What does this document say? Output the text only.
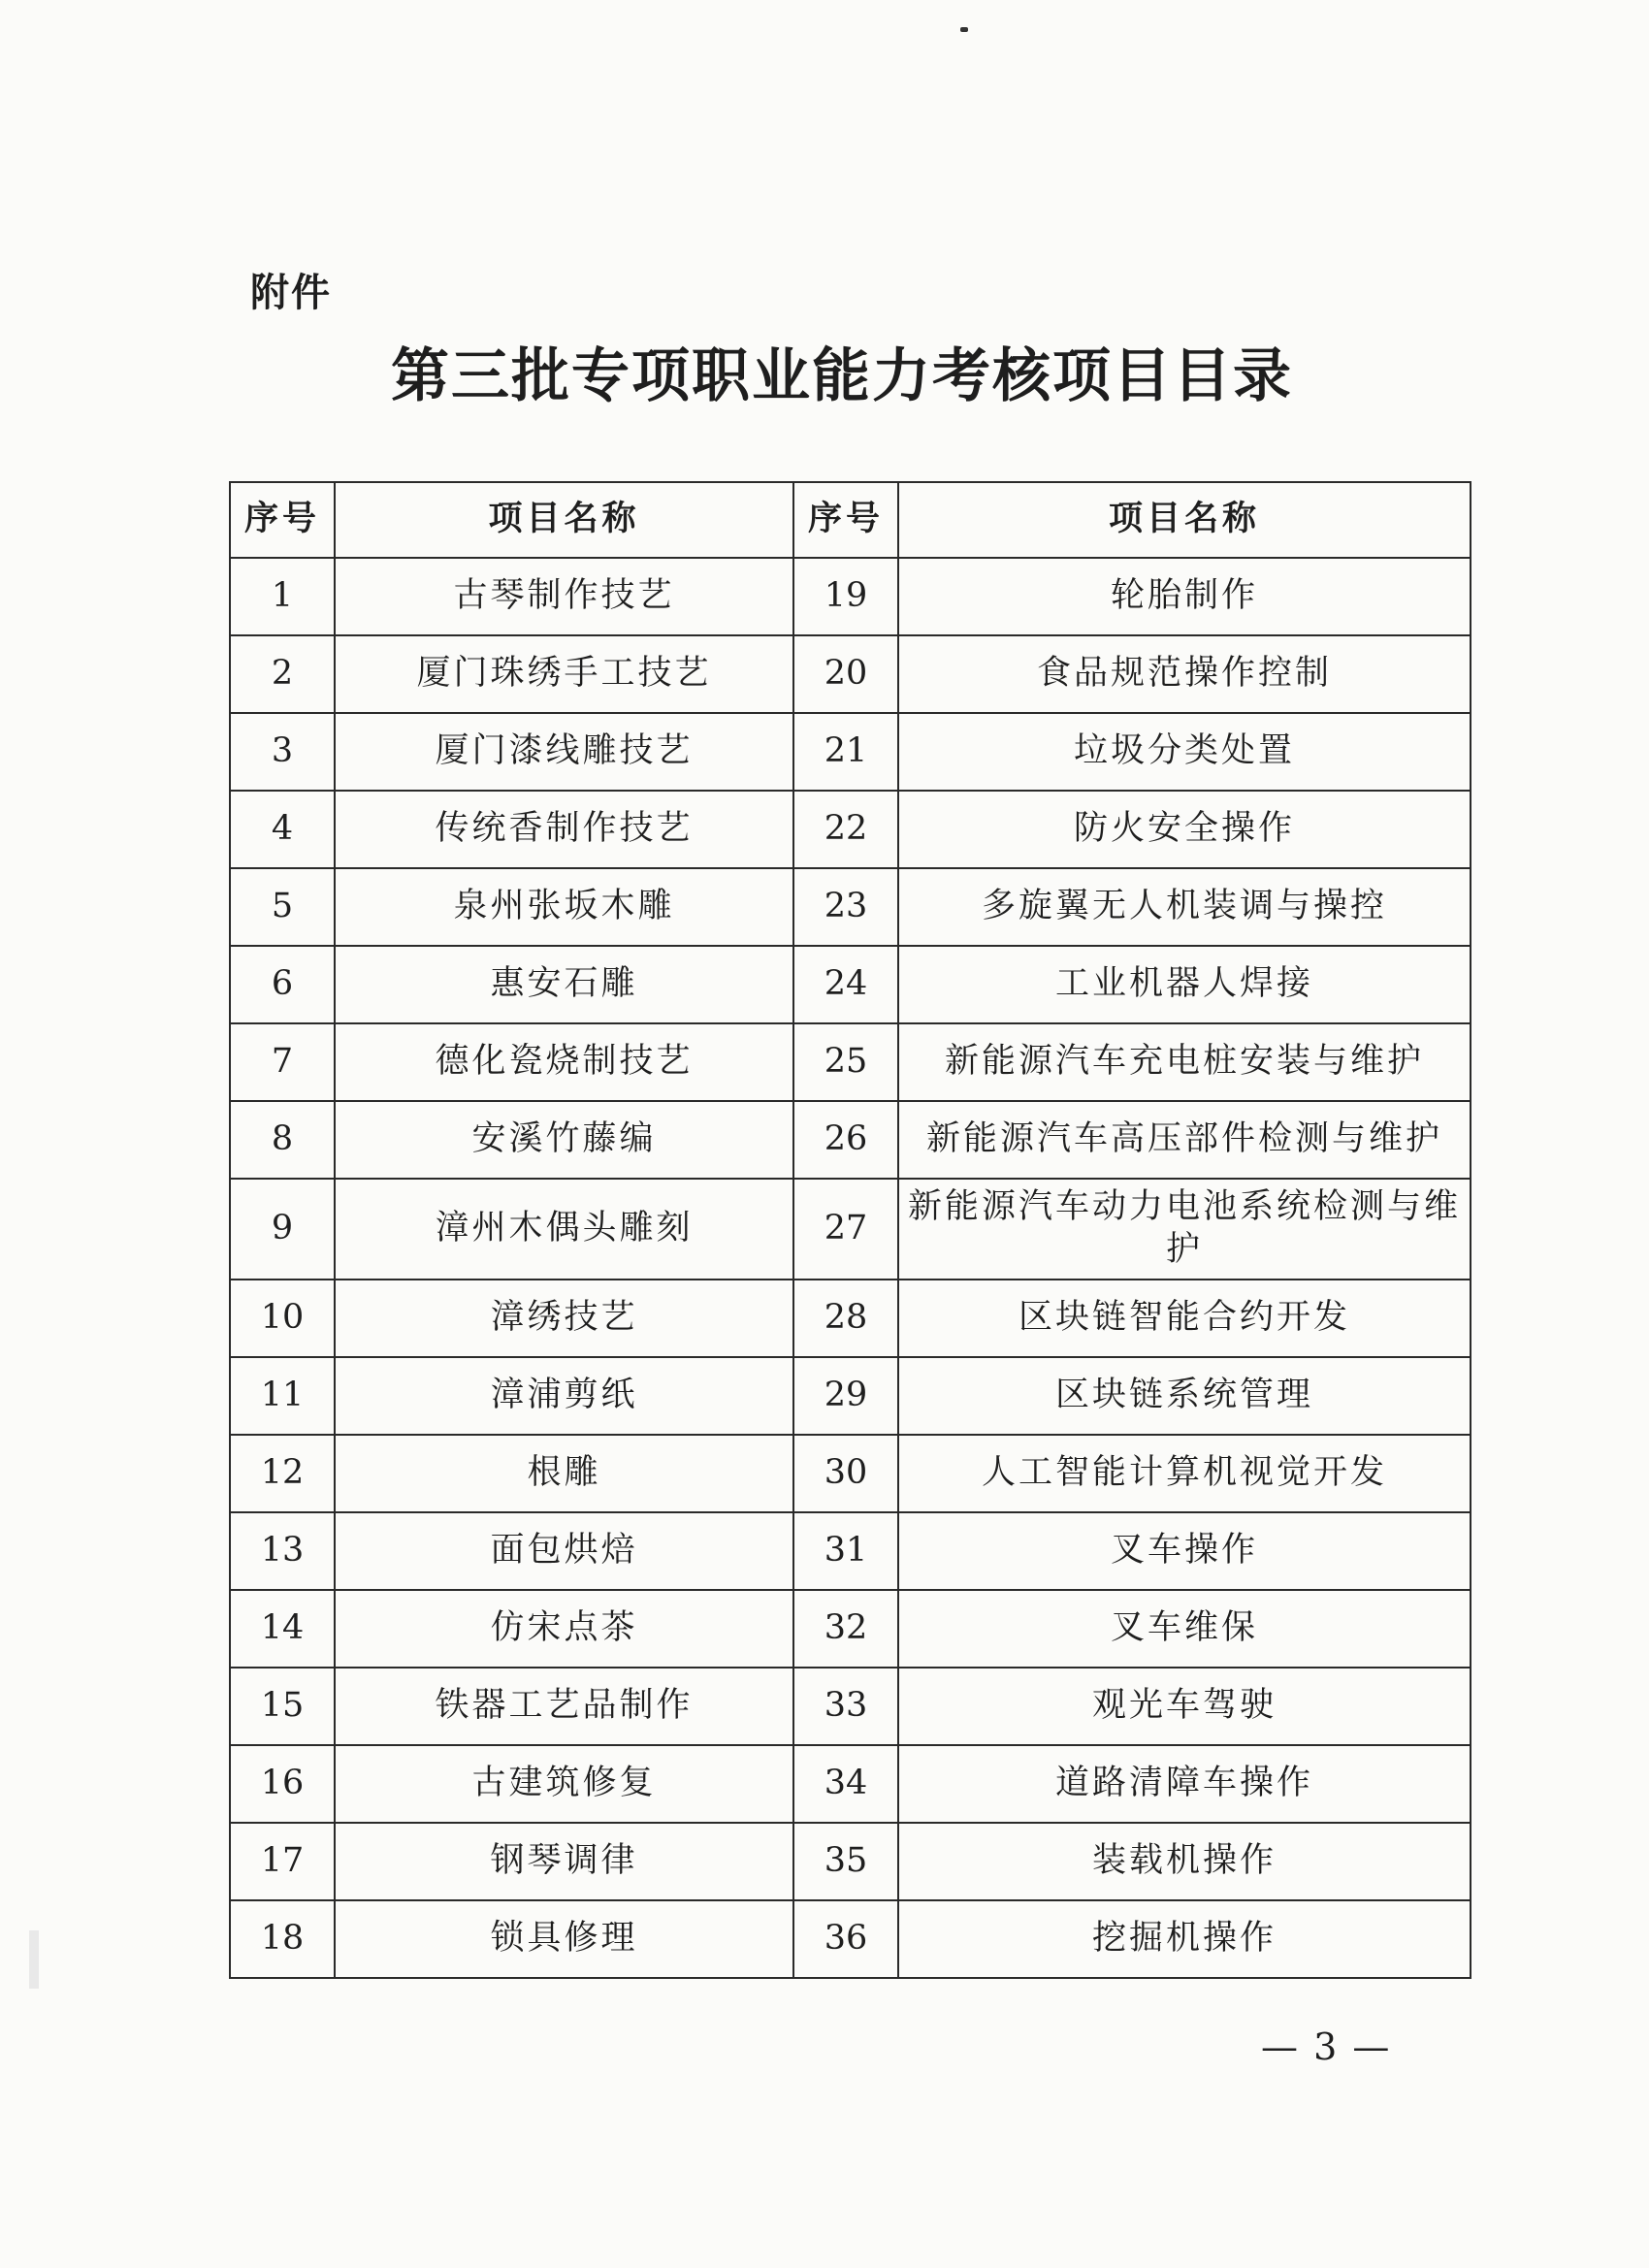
附件
第三批专项职业能力考核项目目录
序号	项目名称	序号	项目名称
1	古琴制作技艺	19	轮胎制作
2	厦门珠绣手工技艺	20	食品规范操作控制
3	厦门漆线雕技艺	21	垃圾分类处置
4	传统香制作技艺	22	防火安全操作
5	泉州张坂木雕	23	多旋翼无人机装调与操控
6	惠安石雕	24	工业机器人焊接
7	德化瓷烧制技艺	25	新能源汽车充电桩安装与维护
8	安溪竹藤编	26	新能源汽车高压部件检测与维护
9	漳州木偶头雕刻	27	新能源汽车动力电池系统检测与维护
10	漳绣技艺	28	区块链智能合约开发
11	漳浦剪纸	29	区块链系统管理
12	根雕	30	人工智能计算机视觉开发
13	面包烘焙	31	叉车操作
14	仿宋点茶	32	叉车维保
15	铁器工艺品制作	33	观光车驾驶
16	古建筑修复	34	道路清障车操作
17	钢琴调律	35	装载机操作
18	锁具修理	36	挖掘机操作
— 3 —
